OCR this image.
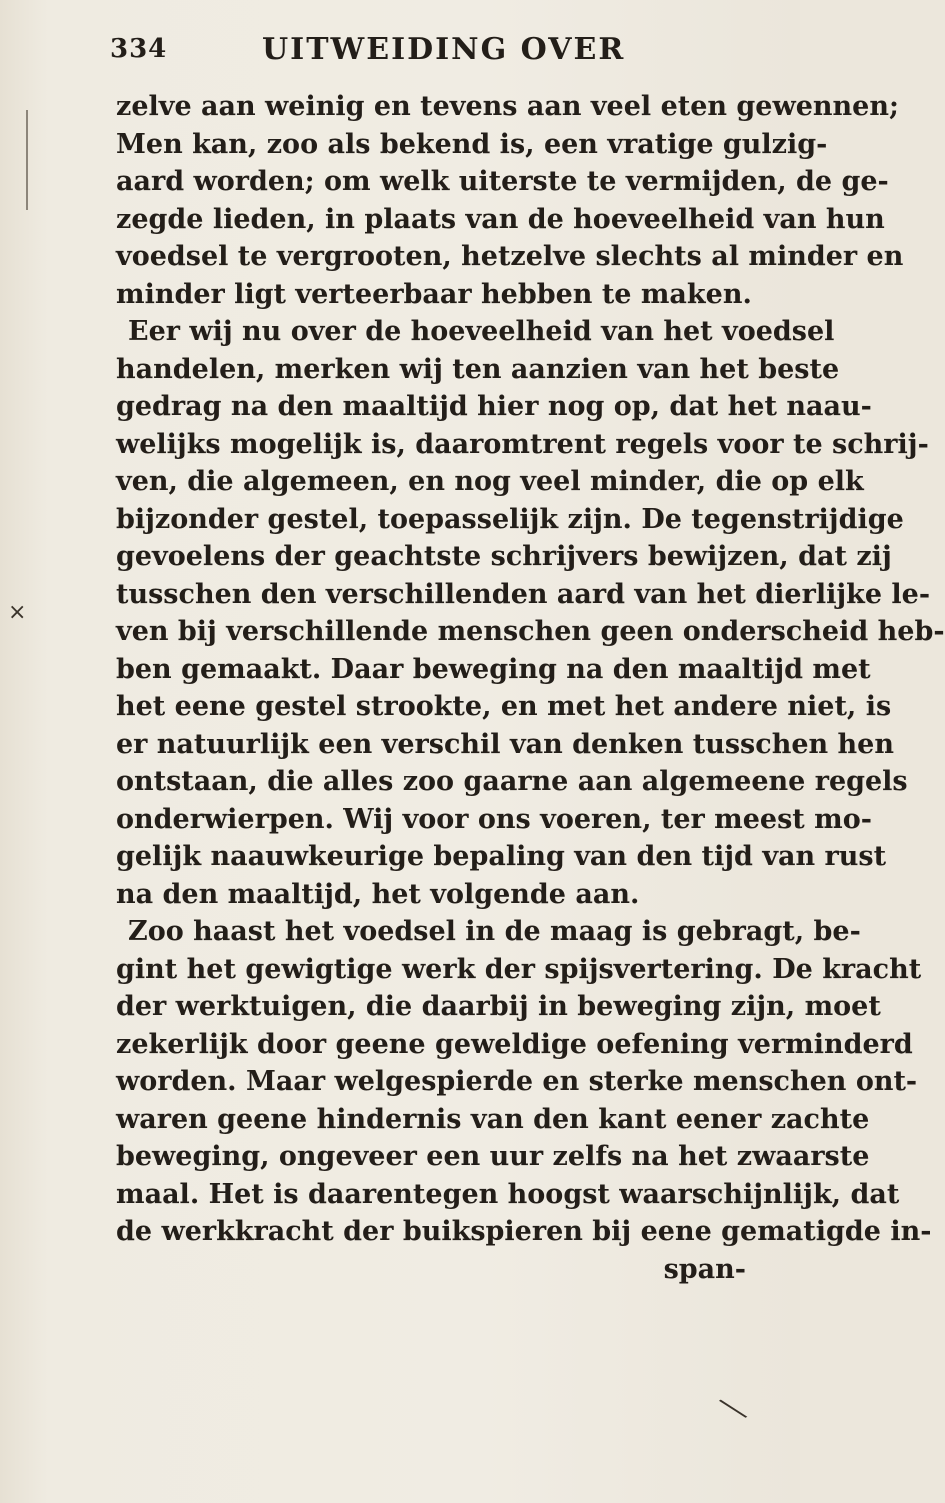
334	UITWEIDING OVER
×
zelve aan weinig en tevens aan veel eten gewennen;
Men kan, zoo als bekend is, een vratige gulzig-
aard worden; om welk uiterste te vermijden, de ge-
zegde lieden, in plaats van de hoeveelheid van hun
voedsel te vergrooten, hetzelve slechts al minder en
minder ligt verteerbaar hebben te maken.
Eer wij nu over de hoeveelheid van het voedsel
handelen, merken wij ten aanzien van het beste
gedrag na den maaltijd hier nog op, dat het naau-
welijks mogelijk is, daaromtrent regels voor te schrij-
ven, die algemeen, en nog veel minder, die op elk
bijzonder gestel, toepasselijk zijn. De tegenstrijdige
gevoelens der geachtste schrijvers bewijzen, dat zij
tusschen den verschillenden aard van het dierlijke le-
ven bij verschillende menschen geen onderscheid heb-
ben gemaakt. Daar beweging na den maaltijd met
het eene gestel strookte, en met het andere niet, is
er natuurlijk een verschil van denken tusschen hen
ontstaan, die alles zoo gaarne aan algemeene regels
onderwierpen. Wij voor ons voeren, ter meest mo-
gelijk naauwkeurige bepaling van den tijd van rust
na den maaltijd, het volgende aan.
Zoo haast het voedsel in de maag is gebragt, be-
gint het gewigtige werk der spijsvertering. De kracht
der werktuigen, die daarbij in beweging zijn, moet
zekerlijk door geene geweldige oefening verminderd
worden. Maar welgespierde en sterke menschen ont-
waren geene hindernis van den kant eener zachte
beweging, ongeveer een uur zelfs na het zwaarste
maal. Het is daarentegen hoogst waarschijnlijk, dat
de werkkracht der buikspieren bij eene gematigde in-
span-
╲
